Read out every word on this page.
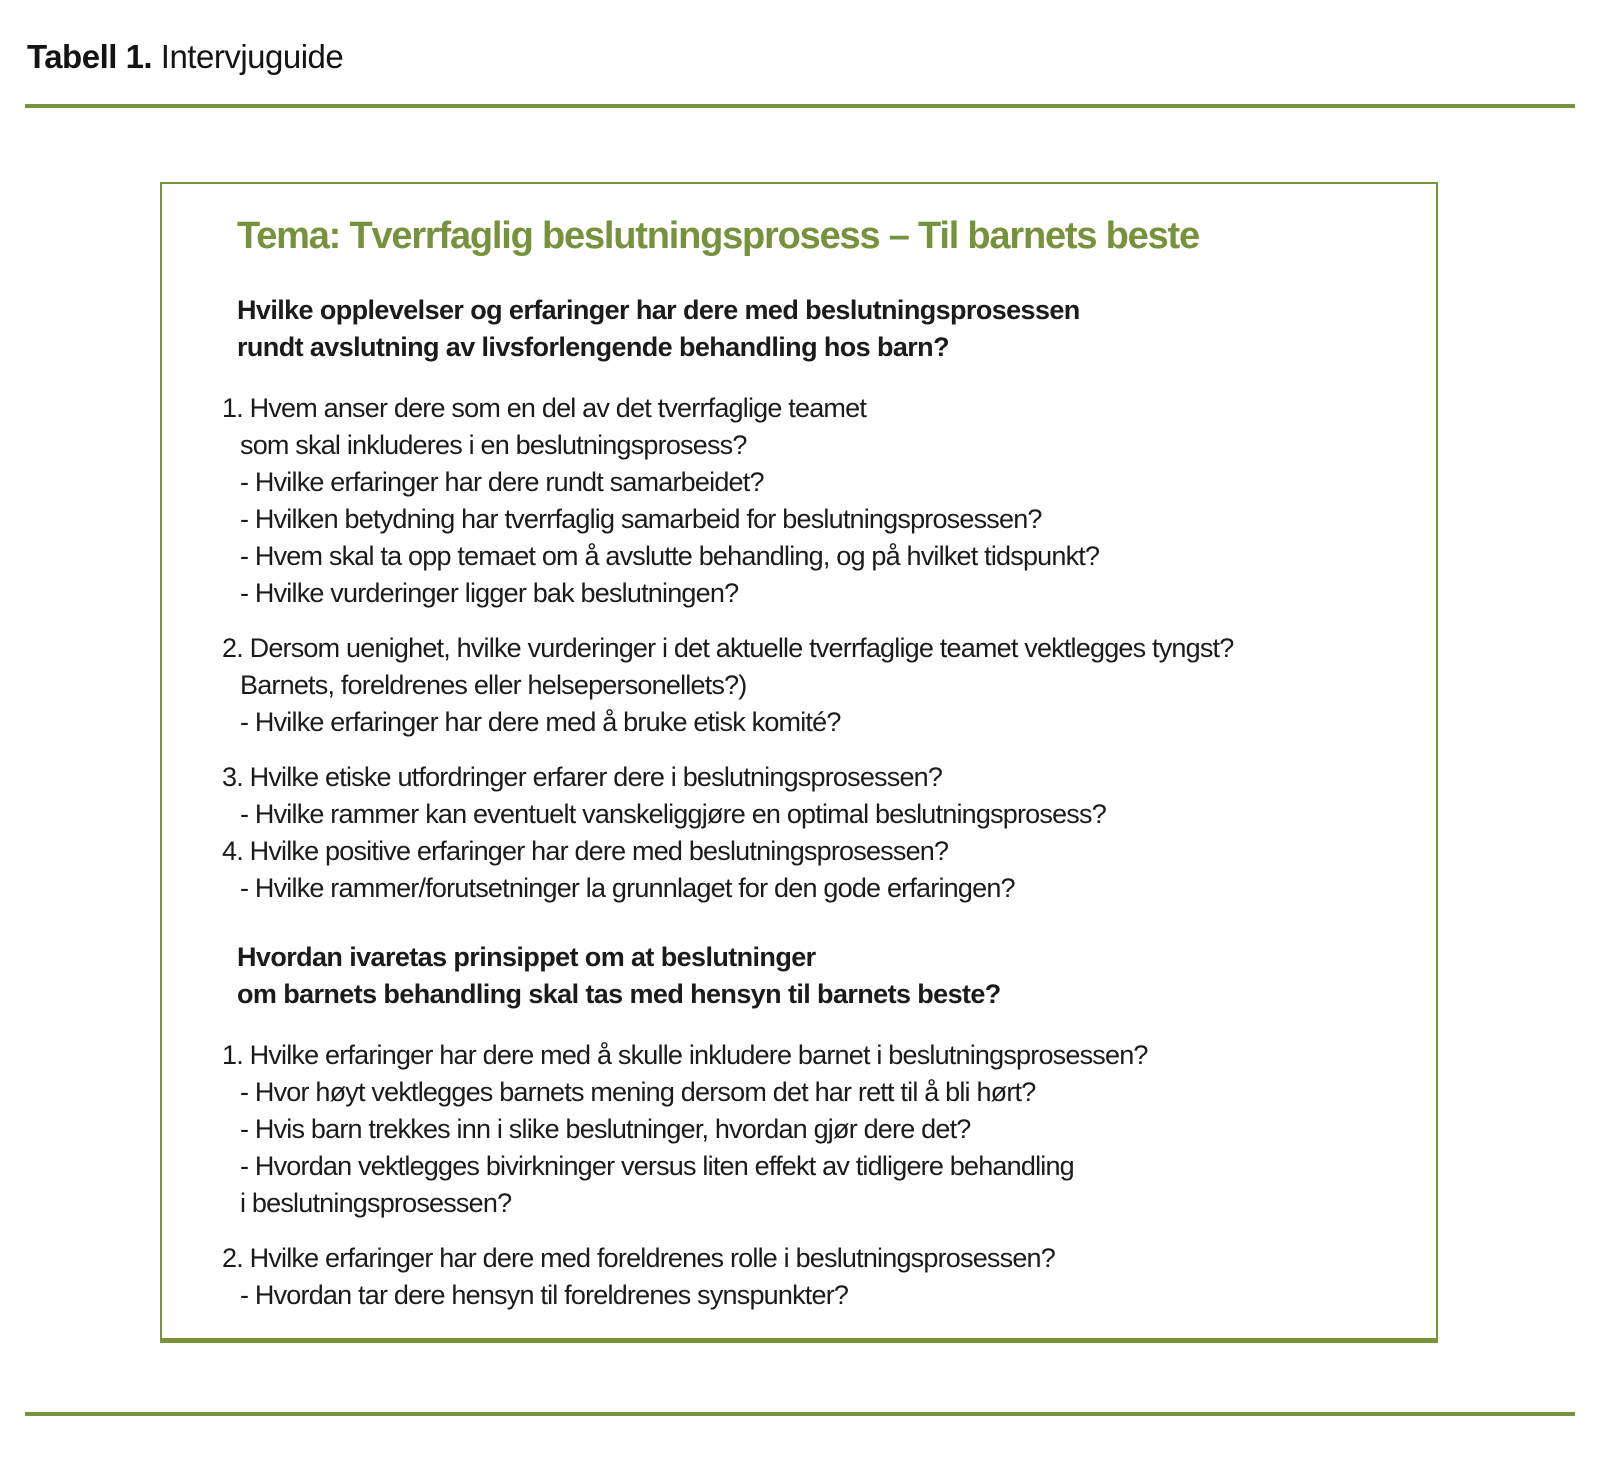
Tabell 1. Intervjuguide
Tema: Tverrfaglig beslutningsprosess – Til barnets beste
Hvilke opplevelser og erfaringer har dere med beslutningsprosessen
rundt avslutning av livsforlengende behandling hos barn?
1. Hvem anser dere som en del av det tverrfaglige teamet
som skal inkluderes i en beslutningsprosess?
- Hvilke erfaringer har dere rundt samarbeidet?
- Hvilken betydning har tverrfaglig samarbeid for beslutningsprosessen?
- Hvem skal ta opp temaet om å avslutte behandling, og på hvilket tidspunkt?
- Hvilke vurderinger ligger bak beslutningen?
2. Dersom uenighet, hvilke vurderinger i det aktuelle tverrfaglige teamet vektlegges tyngst?
Barnets, foreldrenes eller helsepersonellets?)
- Hvilke erfaringer har dere med å bruke etisk komité?
3. Hvilke etiske utfordringer erfarer dere i beslutningsprosessen?
- Hvilke rammer kan eventuelt vanskeliggjøre en optimal beslutningsprosess?
4. Hvilke positive erfaringer har dere med beslutningsprosessen?
- Hvilke rammer/forutsetninger la grunnlaget for den gode erfaringen?
Hvordan ivaretas prinsippet om at beslutninger
om barnets behandling skal tas med hensyn til barnets beste?
1. Hvilke erfaringer har dere med å skulle inkludere barnet i beslutningsprosessen?
- Hvor høyt vektlegges barnets mening dersom det har rett til å bli hørt?
- Hvis barn trekkes inn i slike beslutninger, hvordan gjør dere det?
- Hvordan vektlegges bivirkninger versus liten effekt av tidligere behandling
i beslutningsprosessen?
2. Hvilke erfaringer har dere med foreldrenes rolle i beslutningsprosessen?
- Hvordan tar dere hensyn til foreldrenes synspunkter?
